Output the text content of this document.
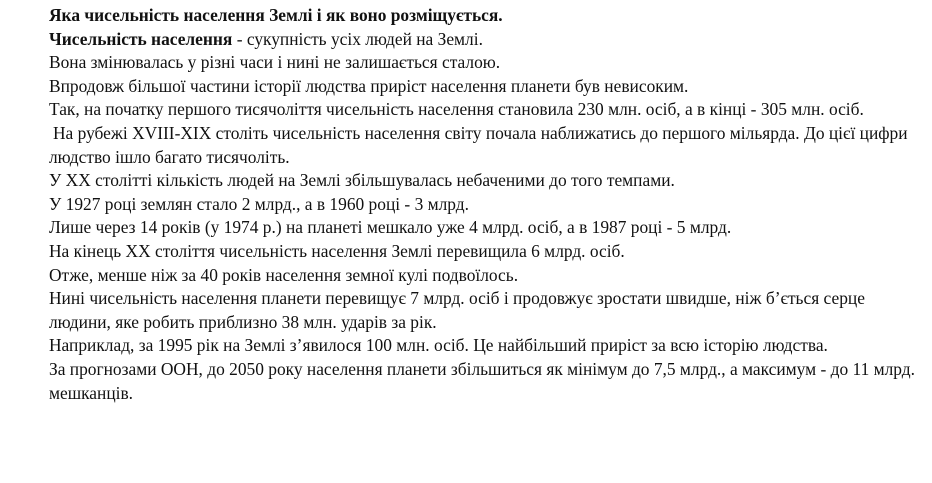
Яка чисельність населення Землі і як воно розміщується.

Чисельність населення - сукупність усіх людей на Землі.

Вона змінювалась у різні часи і нині не залишається сталою.

Впродовж більшої частини історії людства приріст населення планети був невисоким.

Так, на початку першого тисячоліття чисельність населення становила 230 млн. осіб, а в кінці - 305 млн. осіб.

На рубежі XVIII-XIX століть чисельність населення світу почала наближатись до першого мільярда. До цієї цифри людство ішло багато тисячоліть.

У XX столітті кількість людей на Землі збільшувалась небаченими до того темпами.

У 1927 році землян стало 2 млрд., а в 1960 році - 3 млрд.

Лише через 14 років (у 1974 р.) на планеті мешкало уже 4 млрд. осіб, а в 1987 році - 5 млрд.

На кінець XX століття чисельність населення Землі перевищила 6 млрд. осіб.

Отже, менше ніж за 40 років населення земної кулі подвоїлось.

Нині чисельність населення планети перевищує 7 млрд. осіб і продовжує зростати швидше, ніж б’ється серце людини, яке робить приблизно 38 млн. ударів за рік.

Наприклад, за 1995 рік на Землі з’явилося 100 млн. осіб. Це найбільший приріст за всю історію людства.

За прогнозами ООН, до 2050 року населення планети збільшиться як мінімум до 7,5 млрд., а максимум - до 11 млрд. мешканців.
